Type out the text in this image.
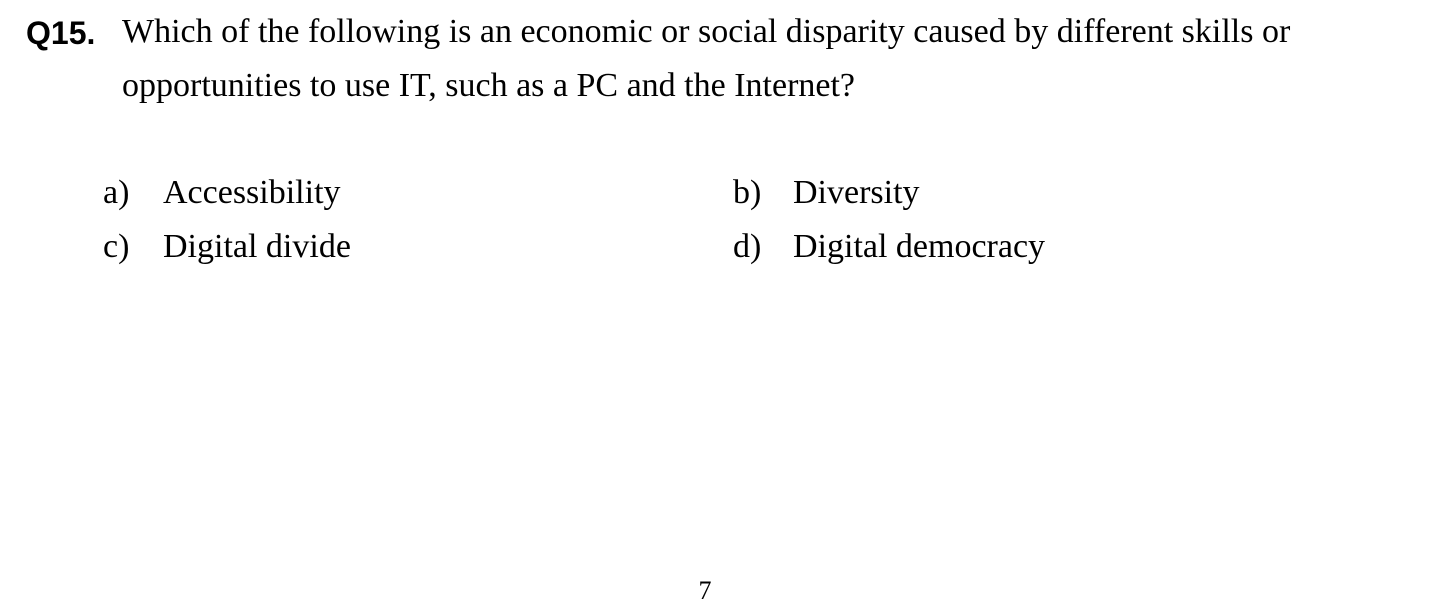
Q15. Which of the following is an economic or social disparity caused by different skills or
opportunities to use IT, such as a PC and the Internet?
a) Accessibility	b) Diversity
c) Digital divide	d) Digital democracy
7
